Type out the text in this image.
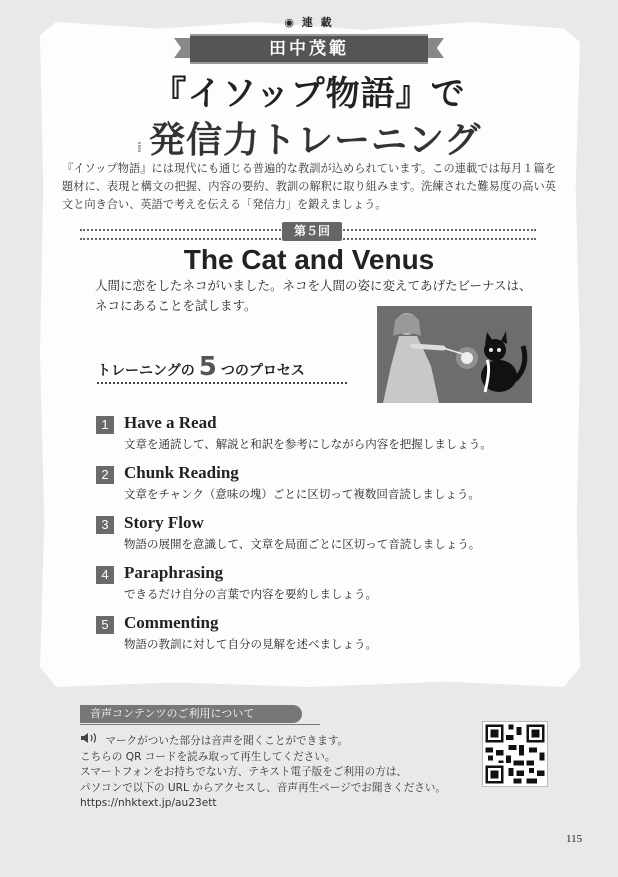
◉ 連 載
田中茂範
『イソップ物語』で
⁞ 発信力トレーニング
『イソップ物語』には現代にも通じる普遍的な教訓が込められています。この連載では毎月１篇を題材に、表現と構文の把握、内容の要約、教訓の解釈に取り組みます。洗練された難易度の高い英文と向き合い、英語で考えを伝える「発信力」を鍛えましょう。
第５回
The Cat and Venus
人間に恋をしたネコがいました。ネコを人間の姿に変えてあげたビーナスは、ネコにあることを試します。
トレーニングの 5 つのプロセス
1 Have a Read
文章を通読して、解説と和訳を参考にしながら内容を把握しましょう。
2 Chunk Reading
文章をチャンク（意味の塊）ごとに区切って複数回音読しましょう。
3 Story Flow
物語の展開を意識して、文章を局面ごとに区切って音読しましょう。
4 Paraphrasing
できるだけ自分の言葉で内容を要約しましょう。
5 Commenting
物語の教訓に対して自分の見解を述べましょう。
音声コンテンツのご利用について
マークがついた部分は音声を聞くことができます。
こちらの QR コードを読み取って再生してください。
スマートフォンをお持ちでない方、テキスト電子版をご利用の方は、
パソコンで以下の URL からアクセスし、音声再生ページでお聞きください。
https://nhktext.jp/au23ett
115
